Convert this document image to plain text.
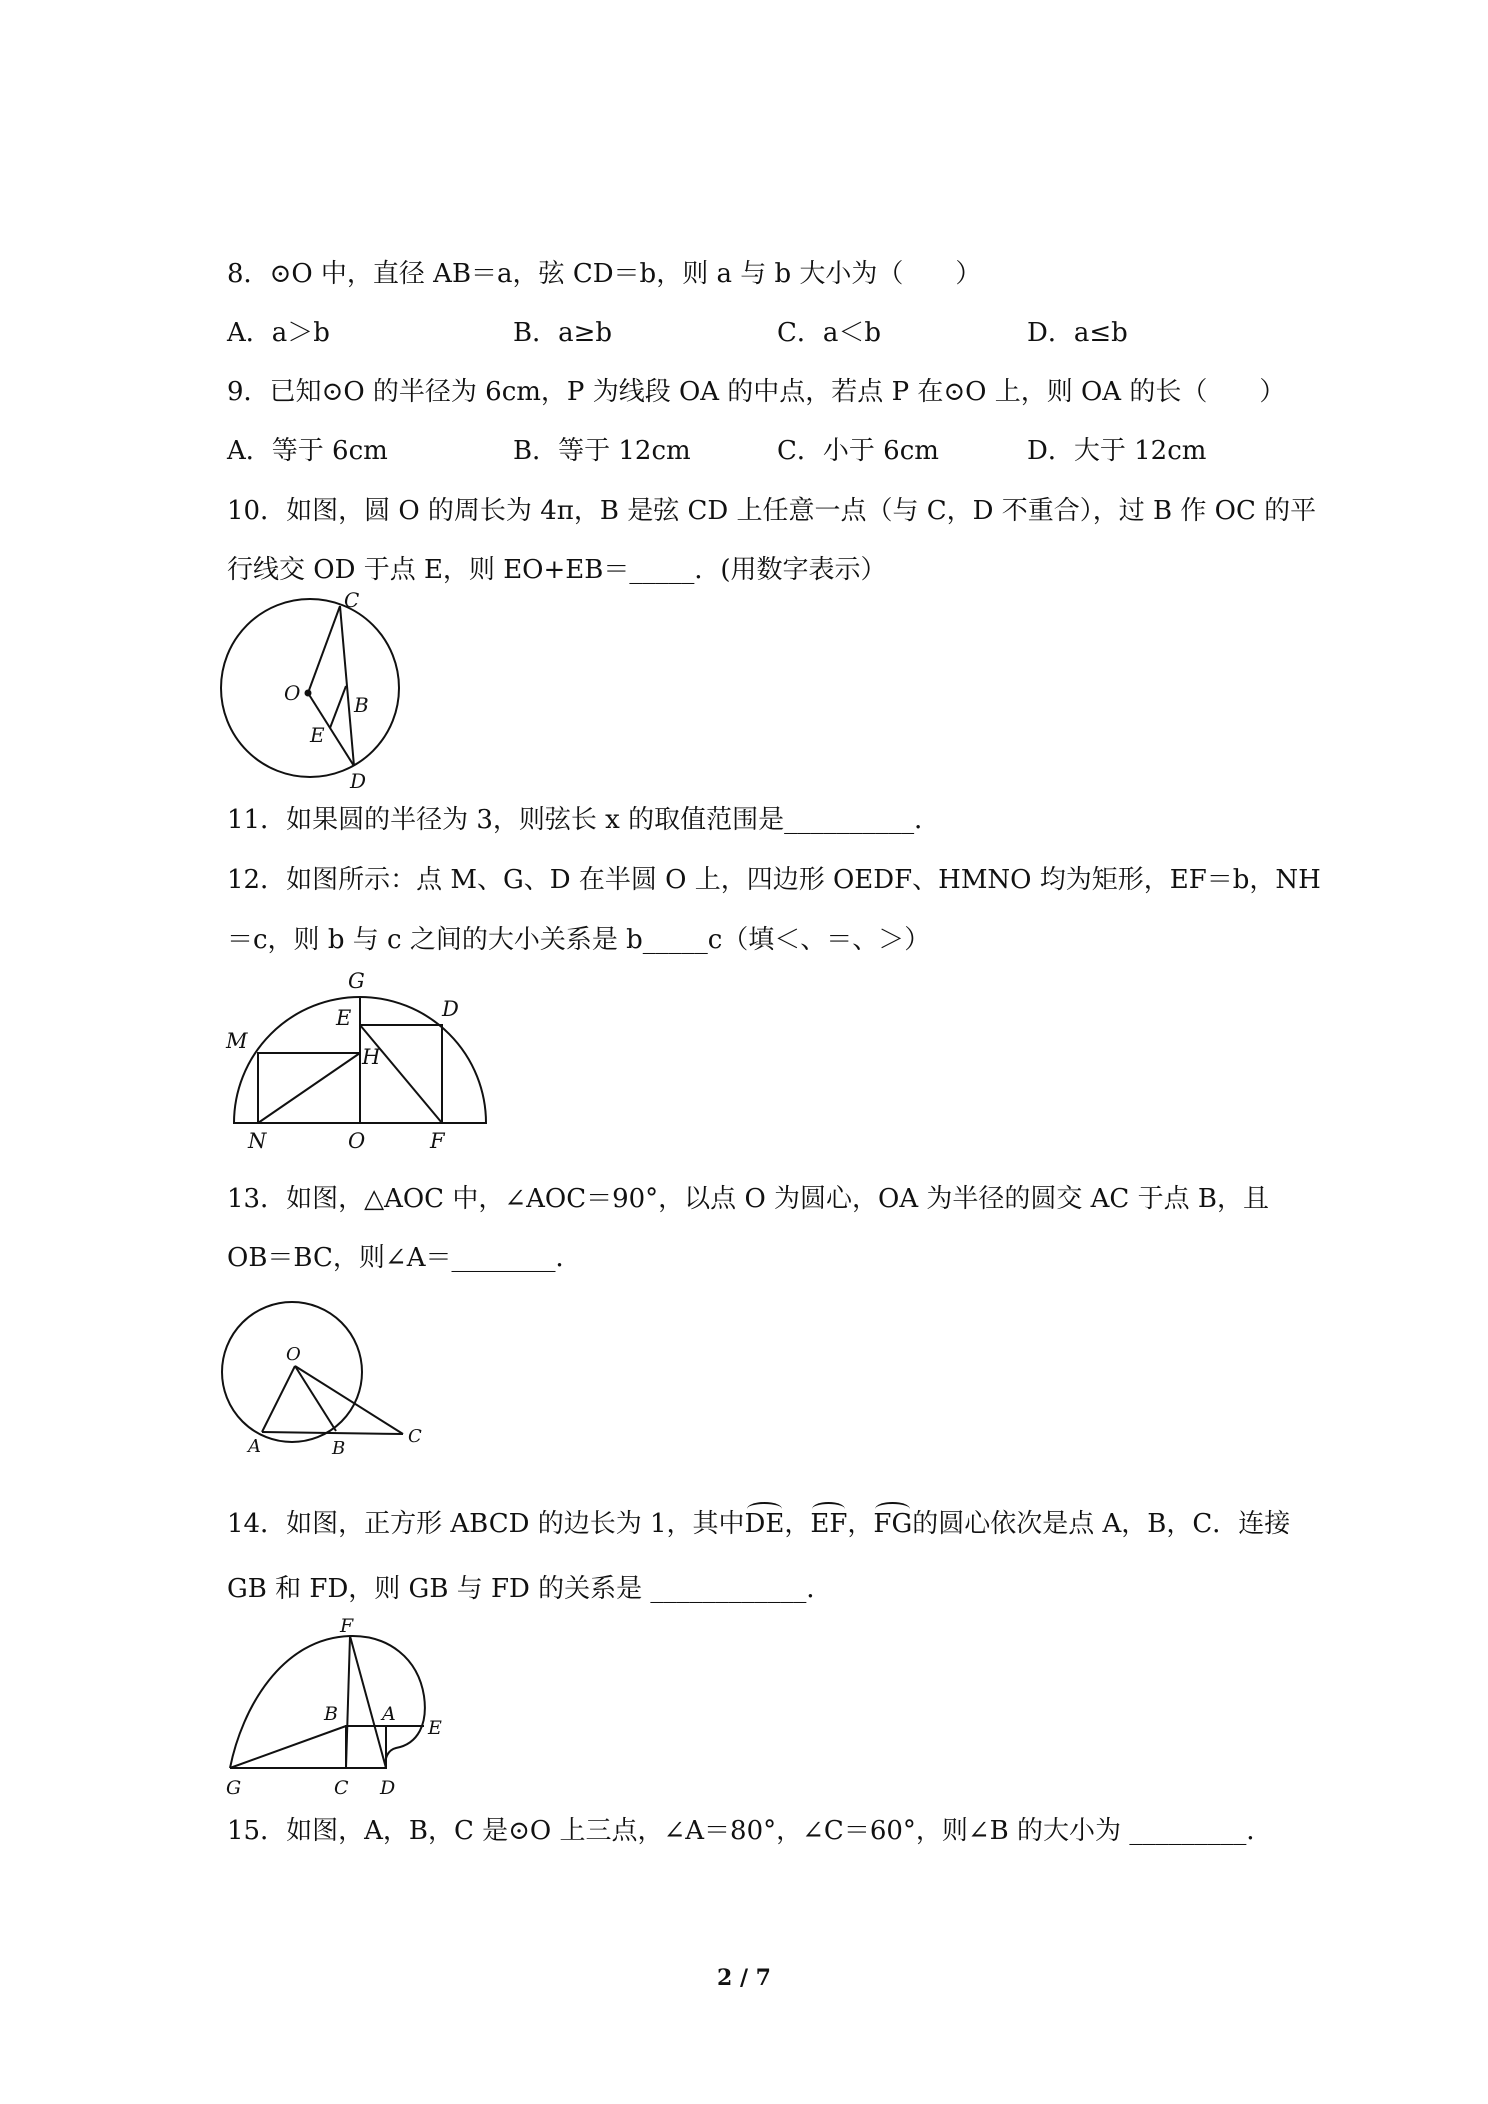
8．⊙O 中，直径 AB＝a，弦 CD＝b，则 a 与 b 大小为（　　）
A．a＞b	B．a≥b	C．a＜b	D．a≤b
9．已知⊙O 的半径为 6cm，P 为线段 OA 的中点，若点 P 在⊙O 上，则 OA 的长（　　）
A．等于 6cm	B．等于 12cm	C．小于 6cm	D．大于 12cm
10．如图，圆 O 的周长为 4π，B 是弦 CD 上任意一点（与 C，D 不重合），过 B 作 OC 的平
行线交 OD 于点 E，则 EO+EB＝_____．(用数字表示）
C
O	B
E
D
11．如果圆的半径为 3，则弦长 x 的取值范围是__________．
12．如图所示：点 M、G、D 在半圆 O 上，四边形 OEDF、HMNO 均为矩形，EF＝b，NH
＝c，则 b 与 c 之间的大小关系是 b_____c（填＜、＝、＞）
G
D
M
E
H
N	O	F
13．如图，△AOC 中，∠AOC＝90°，以点 O 为圆心，OA 为半径的圆交 AC 于点 B，且
OB＝BC，则∠A＝________．
O
A	B
C
14．如图，正方形 ABCD 的边长为 1，其中DE，EF，FG的圆心依次是点 A，B，C．连接
GB 和 FD，则 GB 与 FD 的关系是 ____________．
F
B A
E
G	C D
15．如图，A，B，C 是⊙O 上三点，∠A＝80°，∠C＝60°，则∠B 的大小为 _________．
2 / 7
